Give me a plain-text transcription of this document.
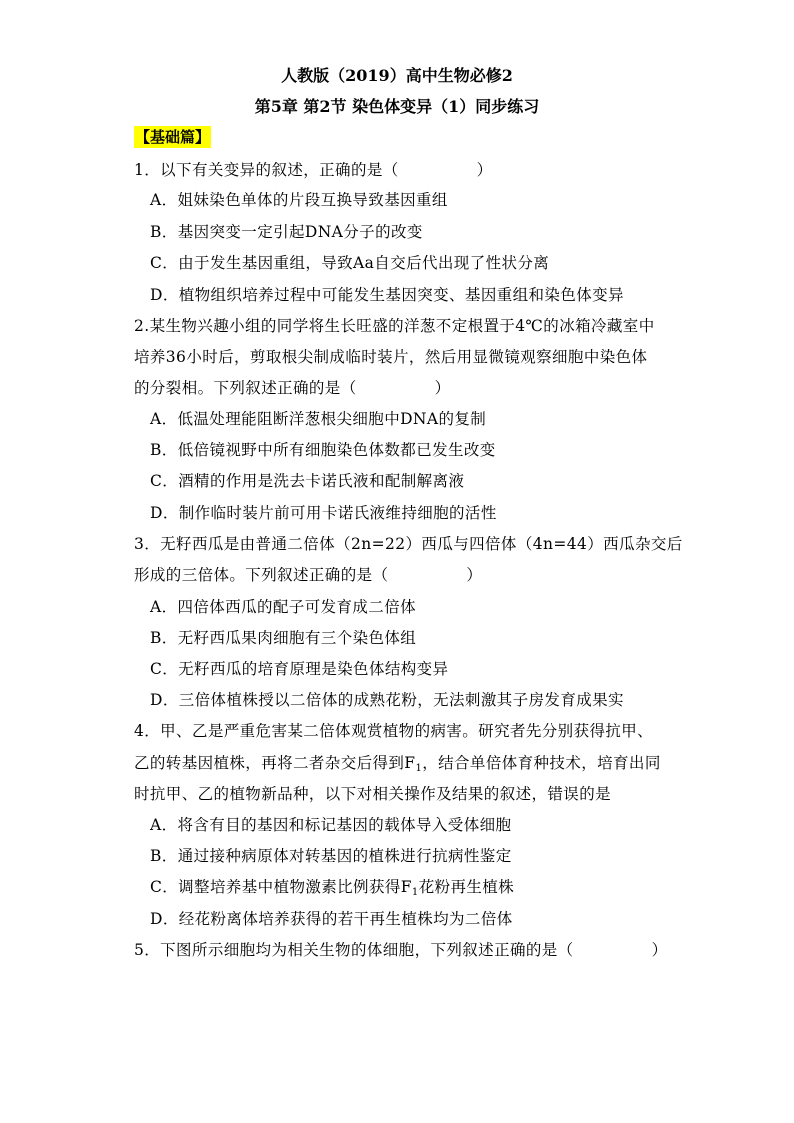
人教版（2019）高中生物必修2
第5章 第2节 染色体变异（1）同步练习
【基础篇】
1．以下有关变异的叙述，正确的是（	）
A．姐妹染色单体的片段互换导致基因重组
B．基因突变一定引起DNA分子的改变
C．由于发生基因重组，导致Aa自交后代出现了性状分离
D．植物组织培养过程中可能发生基因突变、基因重组和染色体变异
2.某生物兴趣小组的同学将生长旺盛的洋葱不定根置于4℃的冰箱冷藏室中
培养36小时后，剪取根尖制成临时装片，然后用显微镜观察细胞中染色体
的分裂相。下列叙述正确的是（	）
A．低温处理能阻断洋葱根尖细胞中DNA的复制
B．低倍镜视野中所有细胞染色体数都已发生改变
C．酒精的作用是洗去卡诺氏液和配制解离液
D．制作临时装片前可用卡诺氏液维持细胞的活性
3．无籽西瓜是由普通二倍体（2n=22）西瓜与四倍体（4n=44）西瓜杂交后
形成的三倍体。下列叙述正确的是（	）
A．四倍体西瓜的配子可发育成二倍体
B．无籽西瓜果肉细胞有三个染色体组
C．无籽西瓜的培育原理是染色体结构变异
D．三倍体植株授以二倍体的成熟花粉，无法刺激其子房发育成果实
4．甲、乙是严重危害某二倍体观赏植物的病害。研究者先分别获得抗甲、
乙的转基因植株，再将二者杂交后得到$F_1$，结合单倍体育种技术，培育出同
时抗甲、乙的植物新品种，以下对相关操作及结果的叙述，错误的是
A．将含有目的基因和标记基因的载体导入受体细胞
B．通过接种病原体对转基因的植株进行抗病性鉴定
C．调整培养基中植物激素比例获得$F_1$花粉再生植株
D．经花粉离体培养获得的若干再生植株均为二倍体
5．下图所示细胞均为相关生物的体细胞，下列叙述正确的是（	）
